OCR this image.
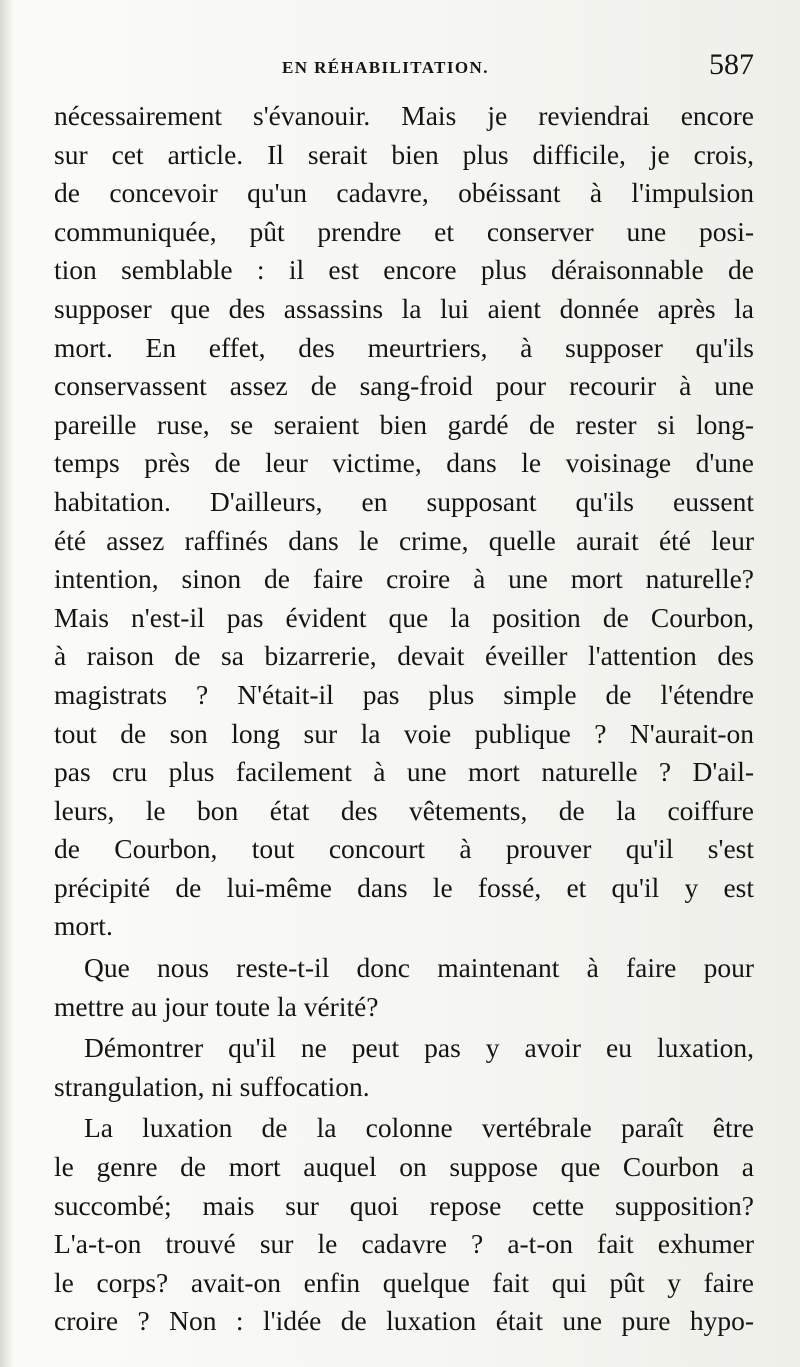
EN RÉHABILITATION.	587
nécessairement s'évanouir. Mais je reviendrai encore
sur cet article. Il serait bien plus difficile, je crois,
de concevoir qu'un cadavre, obéissant à l'impulsion
communiquée, pût prendre et conserver une posi-
tion semblable : il est encore plus déraisonnable de
supposer que des assassins la lui aient donnée après la
mort. En effet, des meurtriers, à supposer qu'ils
conservassent assez de sang-froid pour recourir à une
pareille ruse, se seraient bien gardé de rester si long-
temps près de leur victime, dans le voisinage d'une
habitation. D'ailleurs, en supposant qu'ils eussent
été assez raffinés dans le crime, quelle aurait été leur
intention, sinon de faire croire à une mort naturelle?
Mais n'est-il pas évident que la position de Courbon,
à raison de sa bizarrerie, devait éveiller l'attention des
magistrats ? N'était-il pas plus simple de l'étendre
tout de son long sur la voie publique ? N'aurait-on
pas cru plus facilement à une mort naturelle ? D'ail-
leurs, le bon état des vêtements, de la coiffure
de Courbon, tout concourt à prouver qu'il s'est
précipité de lui-même dans le fossé, et qu'il y est
mort.
Que nous reste-t-il donc maintenant à faire pour
mettre au jour toute la vérité?
Démontrer qu'il ne peut pas y avoir eu luxation,
strangulation, ni suffocation.
La luxation de la colonne vertébrale paraît être
le genre de mort auquel on suppose que Courbon a
succombé; mais sur quoi repose cette supposition?
L'a-t-on trouvé sur le cadavre ? a-t-on fait exhumer
le corps? avait-on enfin quelque fait qui pût y faire
croire ? Non : l'idée de luxation était une pure hypo-
